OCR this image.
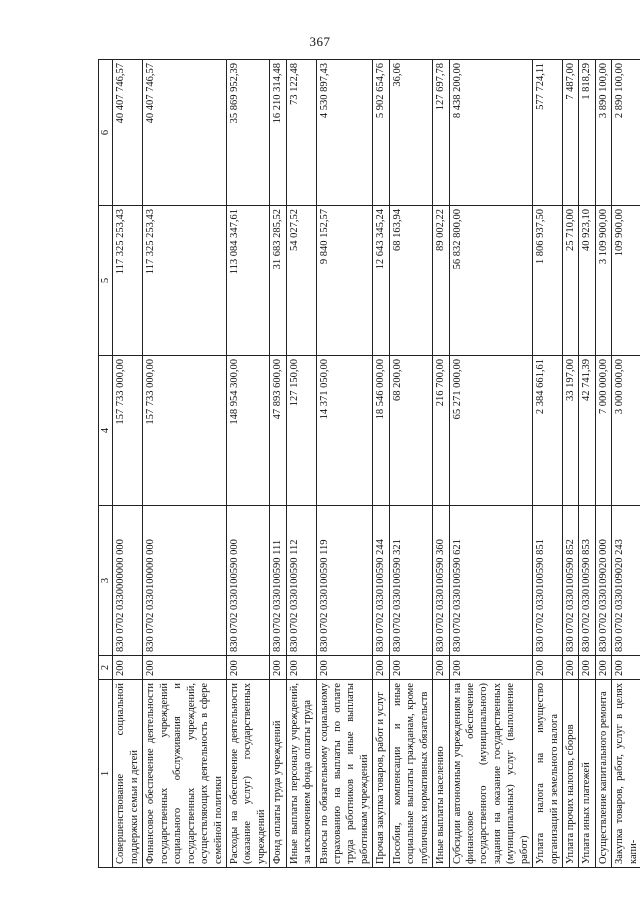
367
1	2	3	4	5	6
Совершенствование социальной поддержки семьи и детей	200	830 0702 0330000000 000	157 733 000,00	117 325 253,43	40 407 746,57
Финансовое обеспечение деятельности государственных учреждений социального обслуживания и государственных учреждений, осуществляющих деятельность в сфере семейной политики	200	830 0702 0330100000 000	157 733 000,00	117 325 253,43	40 407 746,57
Расходы на обеспечение деятельности (оказание услуг) государственных учреждений	200	830 0702 0330100590 000	148 954 300,00	113 084 347,61	35 869 952,39
Фонд оплаты труда учреждений	200	830 0702 0330100590 111	47 893 600,00	31 683 285,52	16 210 314,48
Иные выплаты персоналу учреждений, за исключением фонда оплаты труда	200	830 0702 0330100590 112	127 150,00	54 027,52	73 122,48
Взносы по обязательному социальному страхованию на выплаты по оплате труда работников и иные выплаты работникам учреждений	200	830 0702 0330100590 119	14 371 050,00	9 840 152,57	4 530 897,43
Прочая закупка товаров, работ и услуг	200	830 0702 0330100590 244	18 546 000,00	12 643 345,24	5 902 654,76
Пособия, компенсации и иные социальные выплаты гражданам, кроме публичных нормативных обязательств	200	830 0702 0330100590 321	68 200,00	68 163,94	36,06
Иные выплаты населению	200	830 0702 0330100590 360	216 700,00	89 002,22	127 697,78
Субсидии автономным учреждениям на финансовое обеспечение государственного (муниципального) задания на оказание государственных (муниципальных) услуг (выполнение работ)	200	830 0702 0330100590 621	65 271 000,00	56 832 800,00	8 438 200,00
Уплата налога на имущество организаций и земельного налога	200	830 0702 0330100590 851	2 384 661,61	1 806 937,50	577 724,11
Уплата прочих налогов, сборов	200	830 0702 0330100590 852	33 197,00	25 710,00	7 487,00
Уплата иных платежей	200	830 0702 0330100590 853	42 741,39	40 923,10	1 818,29
Осуществление капитального ремонта	200	830 0702 0330109020 000	7 000 000,00	3 109 900,00	3 890 100,00
Закупка товаров, работ, услуг в целях капи-	200	830 0702 0330109020 243	3 000 000,00	109 900,00	2 890 100,00
